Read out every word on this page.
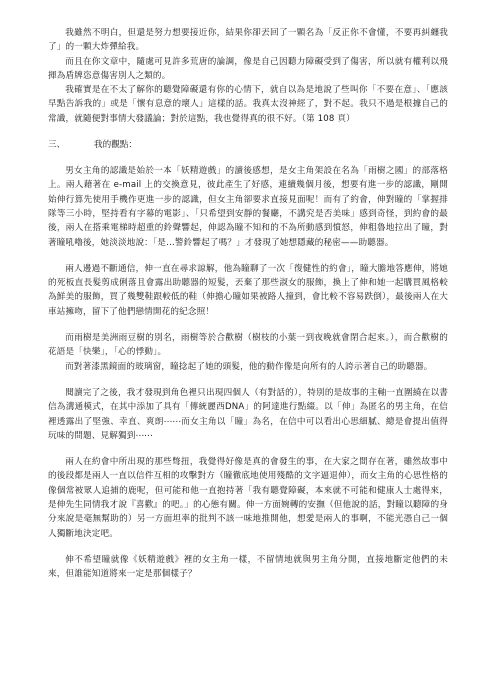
我雖然不明白，但還是努力想要接近你，結果你卻丟回了一顆名為「反正你不會懂，不要再糾纏我了」的一顆大炸彈給我。

而且在你文章中，隨處可見許多荒唐的論調，像是自己因聽力障礙受到了傷害，所以就有權利以飛揮為盾牌恣意傷害別人之類的。

我確實是在不太了解你的聽覺障礙還有你的心情下，就自以為是地說了些叫你「不要在意」、「應該早點告訴我的」或是「懷有息意的壞人」這樣的話。我真太沒神經了，對不起。我只不過是根據自己的常識，就隨便對事情大發議論；對於這點，我也覺得真的很不好。（第 108 頁）

三、	我的觀點：

男女主角的認識是始於一本「妖精遊戲」的讀後感想，是女主角架設在名為「雨樹之國」的部落格上。兩人藉著在 e-mail 上的交換意見，彼此產生了好感，連續幾個月後，想要有進一步的認識，剛開始伸行算先使用手機作更進一步的認識，但女主角卻要求直接見面呢！而有了約會，伸對瞳的「掌握排隊等三小時，堅持看有字幕的電影」、「只希望到安靜的餐廳，不講究是否美味」感到奇怪，到約會的最後，兩人在搭乘電梯時超重的鈴聲響起，伸認為瞳不知和的不為所動感到憤怒，伸粗魯地拉出了瞳，對著瞳吼嚕後，她淡淡地說：「是…警鈴響起了嗎？」才發現了她想隱藏的秘密——助聽器。

兩人邊過不斷通信，伸一直在尋求諒解，他為瞳聊了一次「復健性的約會」，瞳大膽地答應伸，將她的死板直長髮剪成俐落且會露出助聽器的短髮，丟棄了那些淑女的服飾，換上了伸和她一起購買風格較為鮮美的服飾，買了幾雙鞋跟較低的鞋（伸擔心瞳如果被路人撞到，會比較不容易跌倒），最後兩人在大車站擁吻，留下了他們戀情開花的紀念照！

而雨樹是美洲雨豆樹的別名，雨樹等於合歡樹（樹枝的小葉一到夜晚就會閉合起來。），而合歡樹的花語是「快樂」，「心的悸動」。

而對著漆黑鏡面的玻璃窗，瞳捻起了她的頭髮，他的動作像是向所有的人誇示著自己的助聽器。

閱讀完了之後，我才發現到角色裡只出現四個人（有對話的），特別的是故事的主軸一直圍繞在以書信為溝通模式，在其中添加了具有「傳統麗西DNA」的阿達進行點綴。以「伸」為匿名的男主角，在信裡透露出了堅強、幸直、爽朗⋯⋯而女主角以「瞳」為名，在信中可以看出心思細膩、總是會提出值得玩味的問題、見解獨到⋯⋯

兩人在約會中所出現的那些彆扭，我覺得好像是真的會發生的事，在大家之間存在著，雖然故事中的後段都是兩人一直以信件互相的攻擊對方（瞳徹底地使用殘酷的文字逼退伸），而女主角的心思性格的像個常被眾人追捕的鹿呢，但可能和他一直抱持著「我有聽覺障礙，本來就不可能和健康人士處得來，是伸先生同情我才說『喜歡』的吧。」的心態有關。伸一方面婉轉的安撫（但他說的話，對瞳以聽障的身分來說是毫無幫助的）另一方面坦率的批判不該一味地推開他，想愛是兩人的事啊，不能光憑自己一個人獨斷地決定吧。

伸不希望瞳就像《妖精遊戲》裡的女主角一樣，不留情地就與男主角分開，直接地斷定他們的未來，但誰能知道將來一定是那個樣子？
